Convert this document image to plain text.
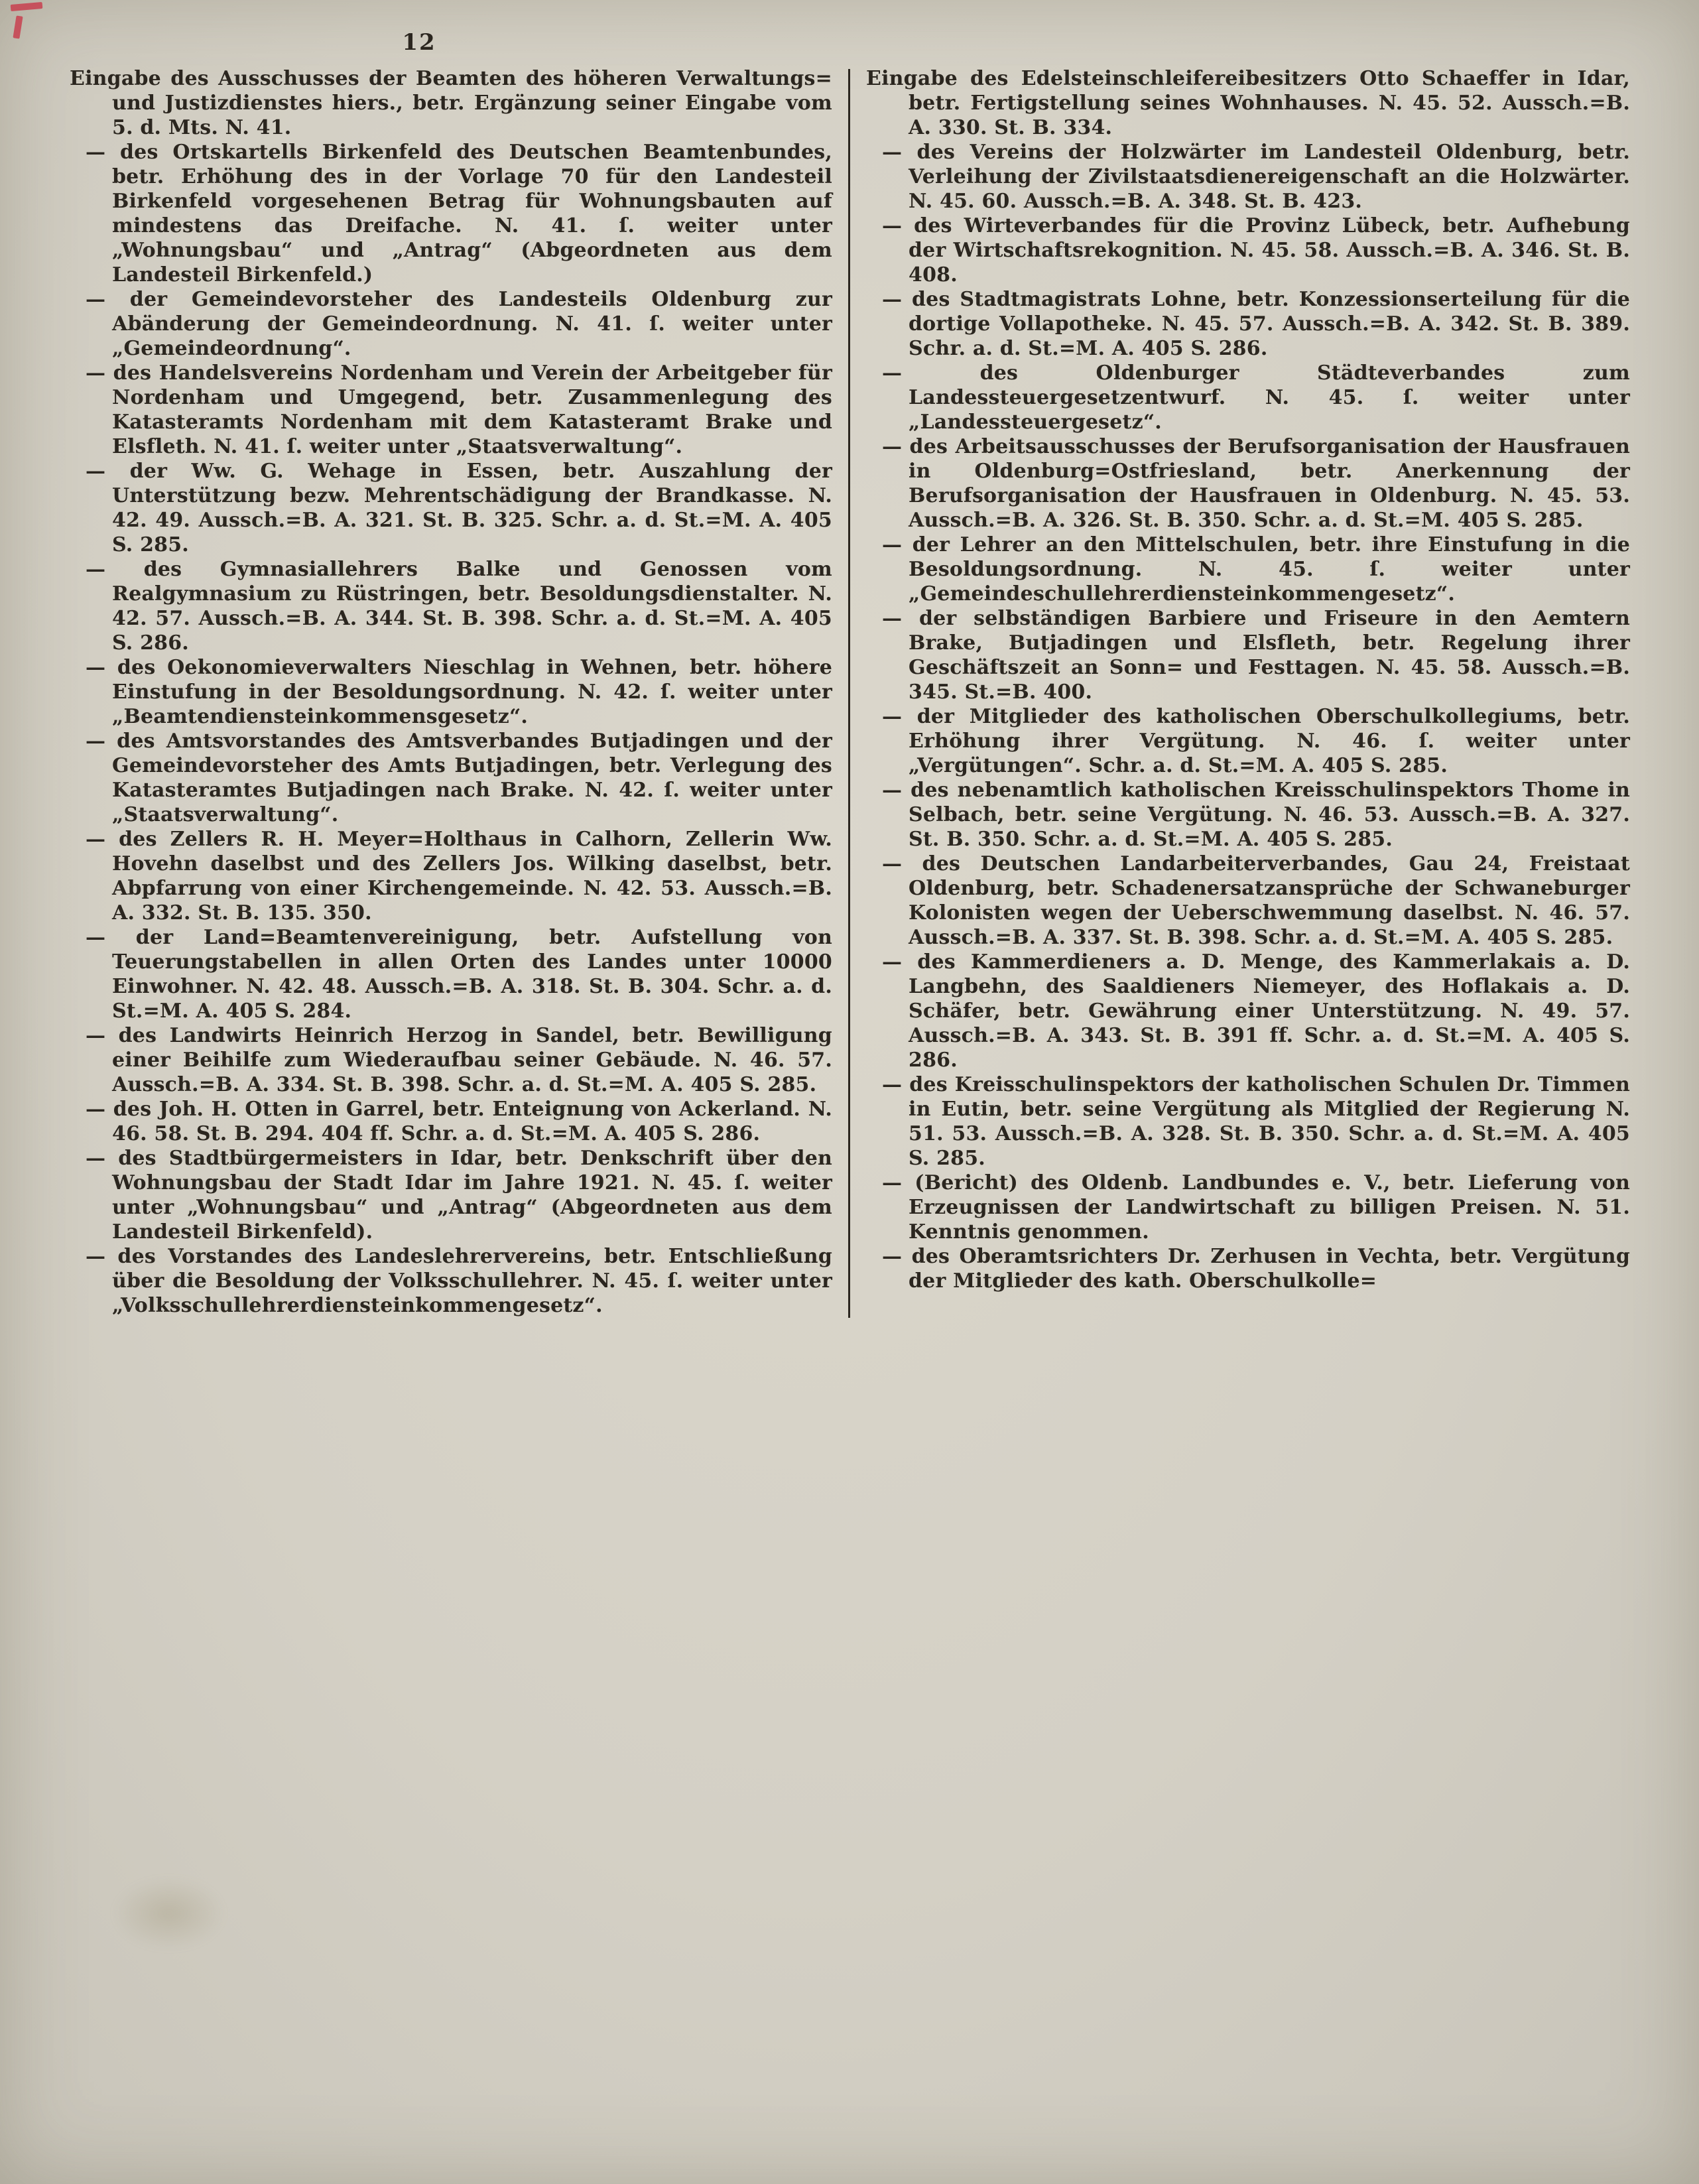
12

Eingabe des Ausschusses der Beamten des höheren Verwaltungs= und Justizdienstes hiers., betr. Ergänzung seiner Eingabe vom 5. d. Mts. N. 41.

— des Ortskartells Birkenfeld des Deutschen Beamtenbundes, betr. Erhöhung des in der Vorlage 70 für den Landesteil Birkenfeld vorgesehenen Betrag für Wohnungsbauten auf mindestens das Dreifache. N. 41. ſ. weiter unter „Wohnungsbau“ und „Antrag“ (Abgeordneten aus dem Landesteil Birkenfeld.)

— der Gemeindevorsteher des Landesteils Oldenburg zur Abänderung der Gemeindeordnung. N. 41. ſ. weiter unter „Gemeindeordnung“.

— des Handelsvereins Nordenham und Verein der Arbeitgeber für Nordenham und Umgegend, betr. Zusammenlegung des Katasteramts Nordenham mit dem Katasteramt Brake und Elsfleth. N. 41. ſ. weiter unter „Staatsverwaltung“.

— der Ww. G. Wehage in Essen, betr. Auszahlung der Unterstützung bezw. Mehrentschädigung der Brandkasse. N. 42. 49. Aussch.=B. A. 321. St. B. 325. Schr. a. d. St.=M. A. 405 S. 285.

— des Gymnasiallehrers Balke und Genossen vom Realgymnasium zu Rüstringen, betr. Besoldungsdienstalter. N. 42. 57. Aussch.=B. A. 344. St. B. 398. Schr. a. d. St.=M. A. 405 S. 286.

— des Oekonomieverwalters Nieschlag in Wehnen, betr. höhere Einstufung in der Besoldungsordnung. N. 42. ſ. weiter unter „Beamtendiensteinkommensgesetz“.

— des Amtsvorstandes des Amtsverbandes Butjadingen und der Gemeindevorsteher des Amts Butjadingen, betr. Verlegung des Katasteramtes Butjadingen nach Brake. N. 42. ſ. weiter unter „Staatsverwaltung“.

— des Zellers R. H. Meyer=Holthaus in Calhorn, Zellerin Ww. Hovehn daselbst und des Zellers Jos. Wilking daselbst, betr. Abpfarrung von einer Kirchengemeinde. N. 42. 53. Aussch.=B. A. 332. St. B. 135. 350.

— der Land=Beamtenvereinigung, betr. Aufstellung von Teuerungstabellen in allen Orten des Landes unter 10000 Einwohner. N. 42. 48. Aussch.=B. A. 318. St. B. 304. Schr. a. d. St.=M. A. 405 S. 284.

— des Landwirts Heinrich Herzog in Sandel, betr. Bewilligung einer Beihilfe zum Wiederaufbau seiner Gebäude. N. 46. 57. Aussch.=B. A. 334. St. B. 398. Schr. a. d. St.=M. A. 405 S. 285.

— des Joh. H. Otten in Garrel, betr. Enteignung von Ackerland. N. 46. 58. St. B. 294. 404 ff. Schr. a. d. St.=M. A. 405 S. 286.

— des Stadtbürgermeisters in Idar, betr. Denkschrift über den Wohnungsbau der Stadt Idar im Jahre 1921. N. 45. ſ. weiter unter „Wohnungsbau“ und „Antrag“ (Abgeordneten aus dem Landesteil Birkenfeld).

— des Vorstandes des Landeslehrervereins, betr. Entschließung über die Besoldung der Volksschullehrer. N. 45. ſ. weiter unter „Volksschullehrerdiensteinkommengesetz“.

Eingabe des Edelsteinschleifereibesitzers Otto Schaeffer in Idar, betr. Fertigstellung seines Wohnhauses. N. 45. 52. Aussch.=B. A. 330. St. B. 334.

— des Vereins der Holzwärter im Landesteil Oldenburg, betr. Verleihung der Zivilstaatsdienereigenschaft an die Holzwärter. N. 45. 60. Aussch.=B. A. 348. St. B. 423.

— des Wirteverbandes für die Provinz Lübeck, betr. Aufhebung der Wirtschaftsrekognition. N. 45. 58. Aussch.=B. A. 346. St. B. 408.

— des Stadtmagistrats Lohne, betr. Konzessionserteilung für die dortige Vollapotheke. N. 45. 57. Aussch.=B. A. 342. St. B. 389. Schr. a. d. St.=M. A. 405 S. 286.

— des Oldenburger Städteverbandes zum Landessteuergesetzentwurf. N. 45. ſ. weiter unter „Landessteuergesetz“.

— des Arbeitsausschusses der Berufsorganisation der Hausfrauen in Oldenburg=Ostfriesland, betr. Anerkennung der Berufsorganisation der Hausfrauen in Oldenburg. N. 45. 53. Aussch.=B. A. 326. St. B. 350. Schr. a. d. St.=M. 405 S. 285.

— der Lehrer an den Mittelschulen, betr. ihre Einstufung in die Besoldungsordnung. N. 45. ſ. weiter unter „Gemeindeschullehrerdiensteinkommengesetz“.

— der selbständigen Barbiere und Friseure in den Aemtern Brake, Butjadingen und Elsfleth, betr. Regelung ihrer Geschäftszeit an Sonn= und Festtagen. N. 45. 58. Aussch.=B. 345. St.=B. 400.

— der Mitglieder des katholischen Oberschulkollegiums, betr. Erhöhung ihrer Vergütung. N. 46. ſ. weiter unter „Vergütungen“. Schr. a. d. St.=M. A. 405 S. 285.

— des nebenamtlich katholischen Kreisschulinspektors Thome in Selbach, betr. seine Vergütung. N. 46. 53. Aussch.=B. A. 327. St. B. 350. Schr. a. d. St.=M. A. 405 S. 285.

— des Deutschen Landarbeiterverbandes, Gau 24, Freistaat Oldenburg, betr. Schadenersatzansprüche der Schwaneburger Kolonisten wegen der Ueberschwemmung daselbst. N. 46. 57. Aussch.=B. A. 337. St. B. 398. Schr. a. d. St.=M. A. 405 S. 285.

— des Kammerdieners a. D. Menge, des Kammerlakais a. D. Langbehn, des Saaldieners Niemeyer, des Hoflakais a. D. Schäfer, betr. Gewährung einer Unterstützung. N. 49. 57. Aussch.=B. A. 343. St. B. 391 ff. Schr. a. d. St.=M. A. 405 S. 286.

— des Kreisschulinspektors der katholischen Schulen Dr. Timmen in Eutin, betr. seine Vergütung als Mitglied der Regierung N. 51. 53. Aussch.=B. A. 328. St. B. 350. Schr. a. d. St.=M. A. 405 S. 285.

— (Bericht) des Oldenb. Landbundes e. V., betr. Lieferung von Erzeugnissen der Landwirtschaft zu billigen Preisen. N. 51. Kenntnis genommen.

— des Oberamtsrichters Dr. Zerhusen in Vechta, betr. Vergütung der Mitglieder des kath. Oberschulkolle=
